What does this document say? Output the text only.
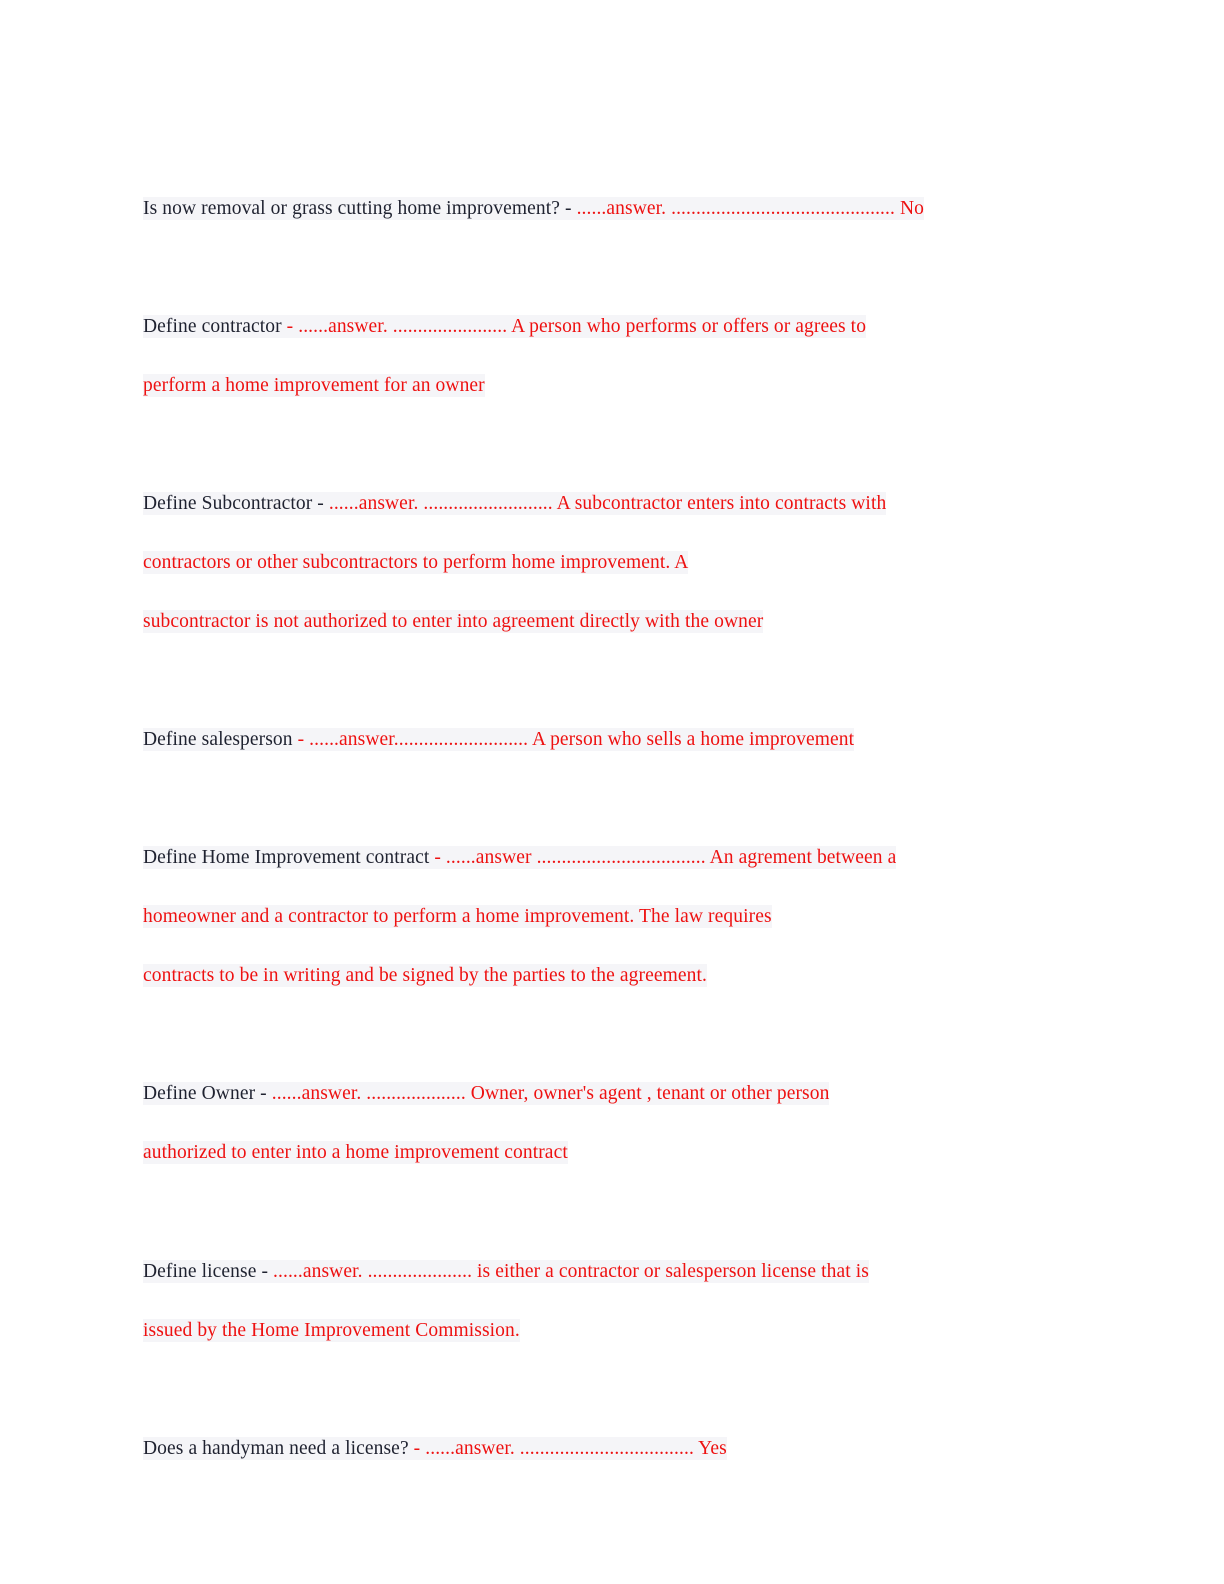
Is now removal or grass cutting home improvement? - ......answer. ............................................. No
Define contractor - ......answer. ....................... A person who performs or offers or agrees to
perform a home improvement for an owner
Define Subcontractor - ......answer. .......................... A subcontractor enters into contracts with
contractors or other subcontractors to perform home improvement. A
subcontractor is not authorized to enter into agreement directly with the owner
Define salesperson - ......answer........................... A person who sells a home improvement
Define Home Improvement contract - ......answer .................................. An agrement between a
homeowner and a contractor to perform a home improvement. The law requires
contracts to be in writing and be signed by the parties to the agreement.
Define Owner - ......answer. .................... Owner, owner's agent , tenant or other person
authorized to enter into a home improvement contract
Define license - ......answer. ..................... is either a contractor or salesperson license that is
issued by the Home Improvement Commission.
Does a handyman need a license? - ......answer. ................................... Yes
